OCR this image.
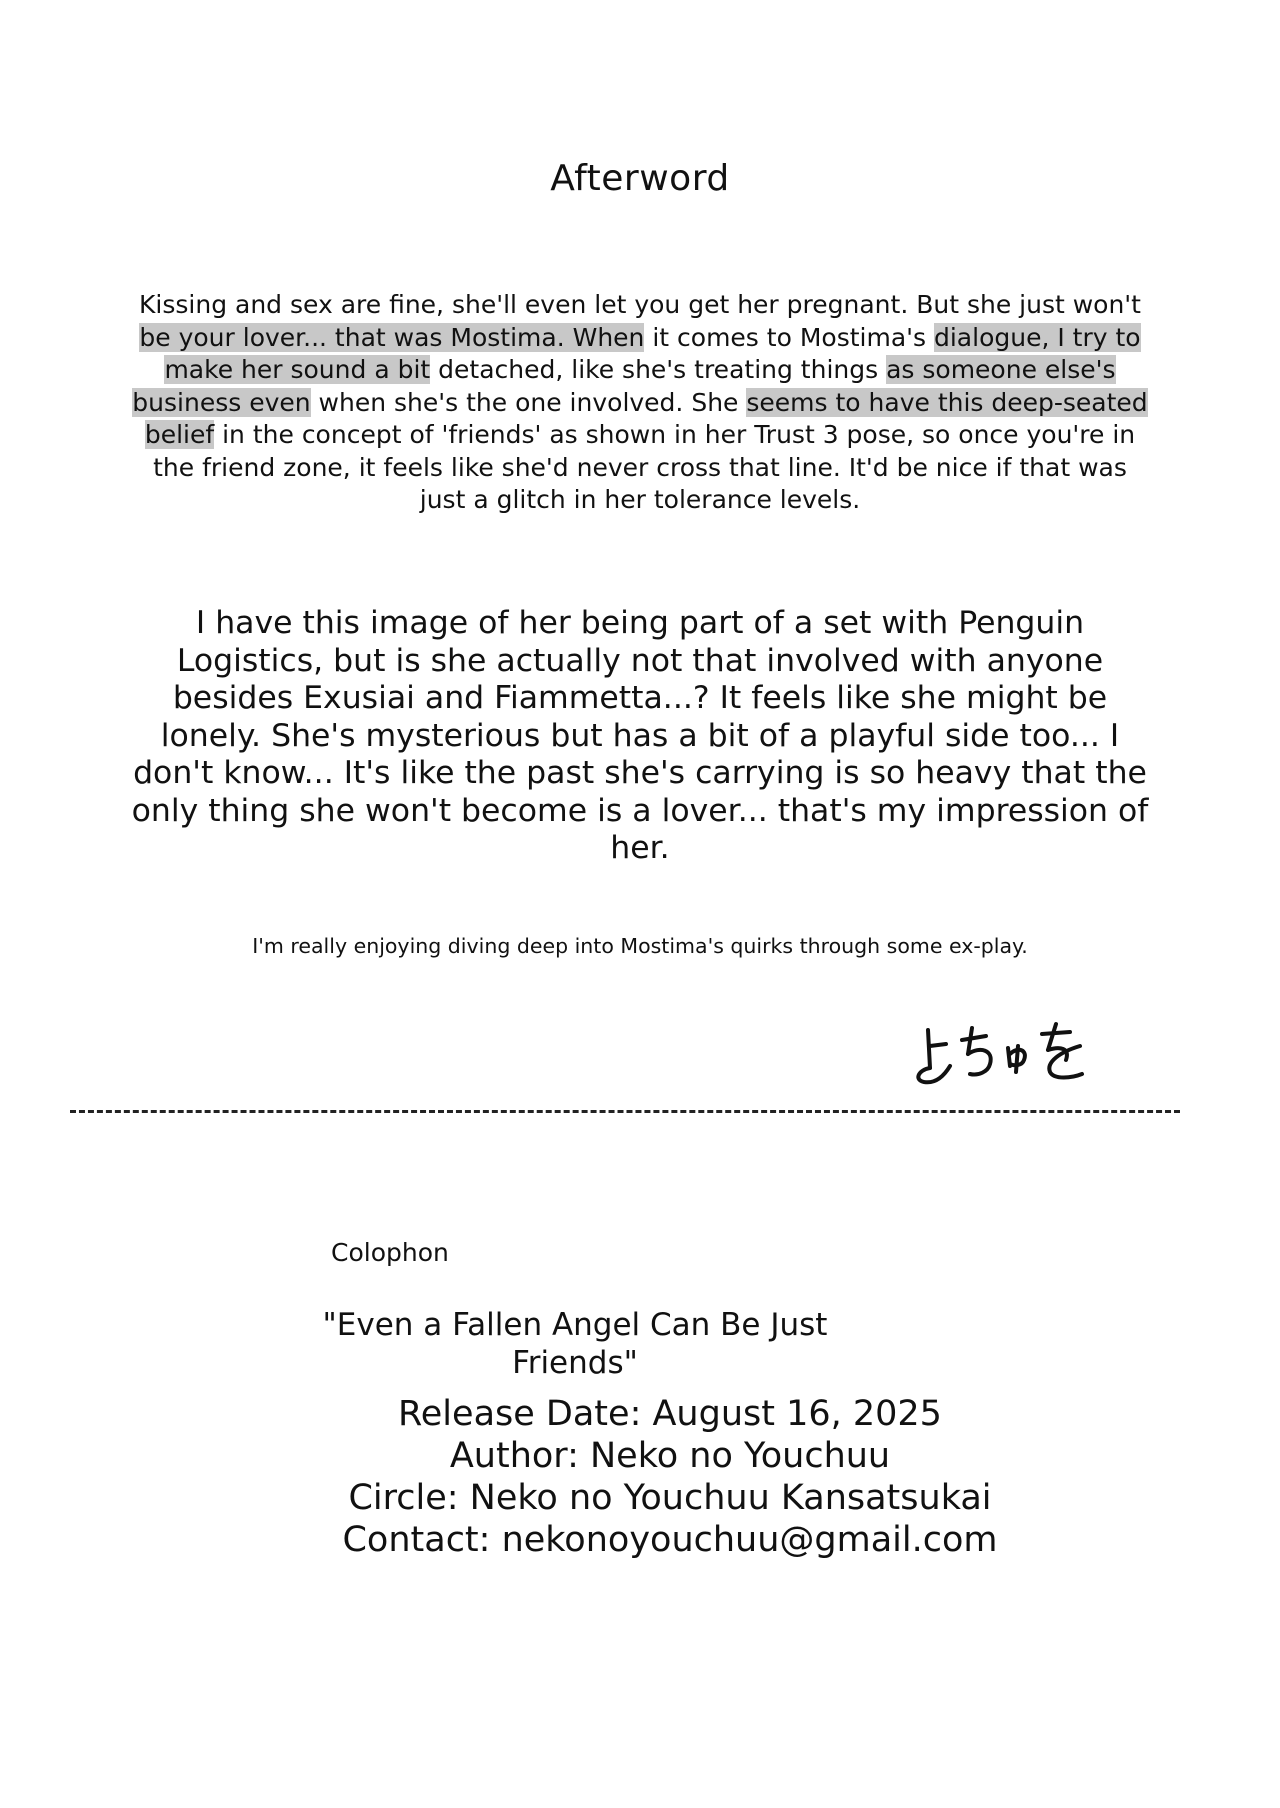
Afterword
Kissing and sex are fine, she'll even let you get her pregnant. But she just won't be your lover... that was Mostima. When it comes to Mostima's dialogue, I try to make her sound a bit detached, like she's treating things as someone else's business even when she's the one involved. She seems to have this deep-seated belief in the concept of 'friends' as shown in her Trust 3 pose, so once you're in the friend zone, it feels like she'd never cross that line. It'd be nice if that was just a glitch in her tolerance levels.
I have this image of her being part of a set with Penguin Logistics, but is she actually not that involved with anyone besides Exusiai and Fiammetta...? It feels like she might be lonely. She's mysterious but has a bit of a playful side too... I don't know... It's like the past she's carrying is so heavy that the only thing she won't become is a lover... that's my impression of her.
I'm really enjoying diving deep into Mostima's quirks through some ex-play.
Colophon
"Even a Fallen Angel Can Be Just Friends"
Release Date: August 16, 2025
Author: Neko no Youchuu
Circle: Neko no Youchuu Kansatsukai
Contact: nekonoyouchuu@gmail.com
